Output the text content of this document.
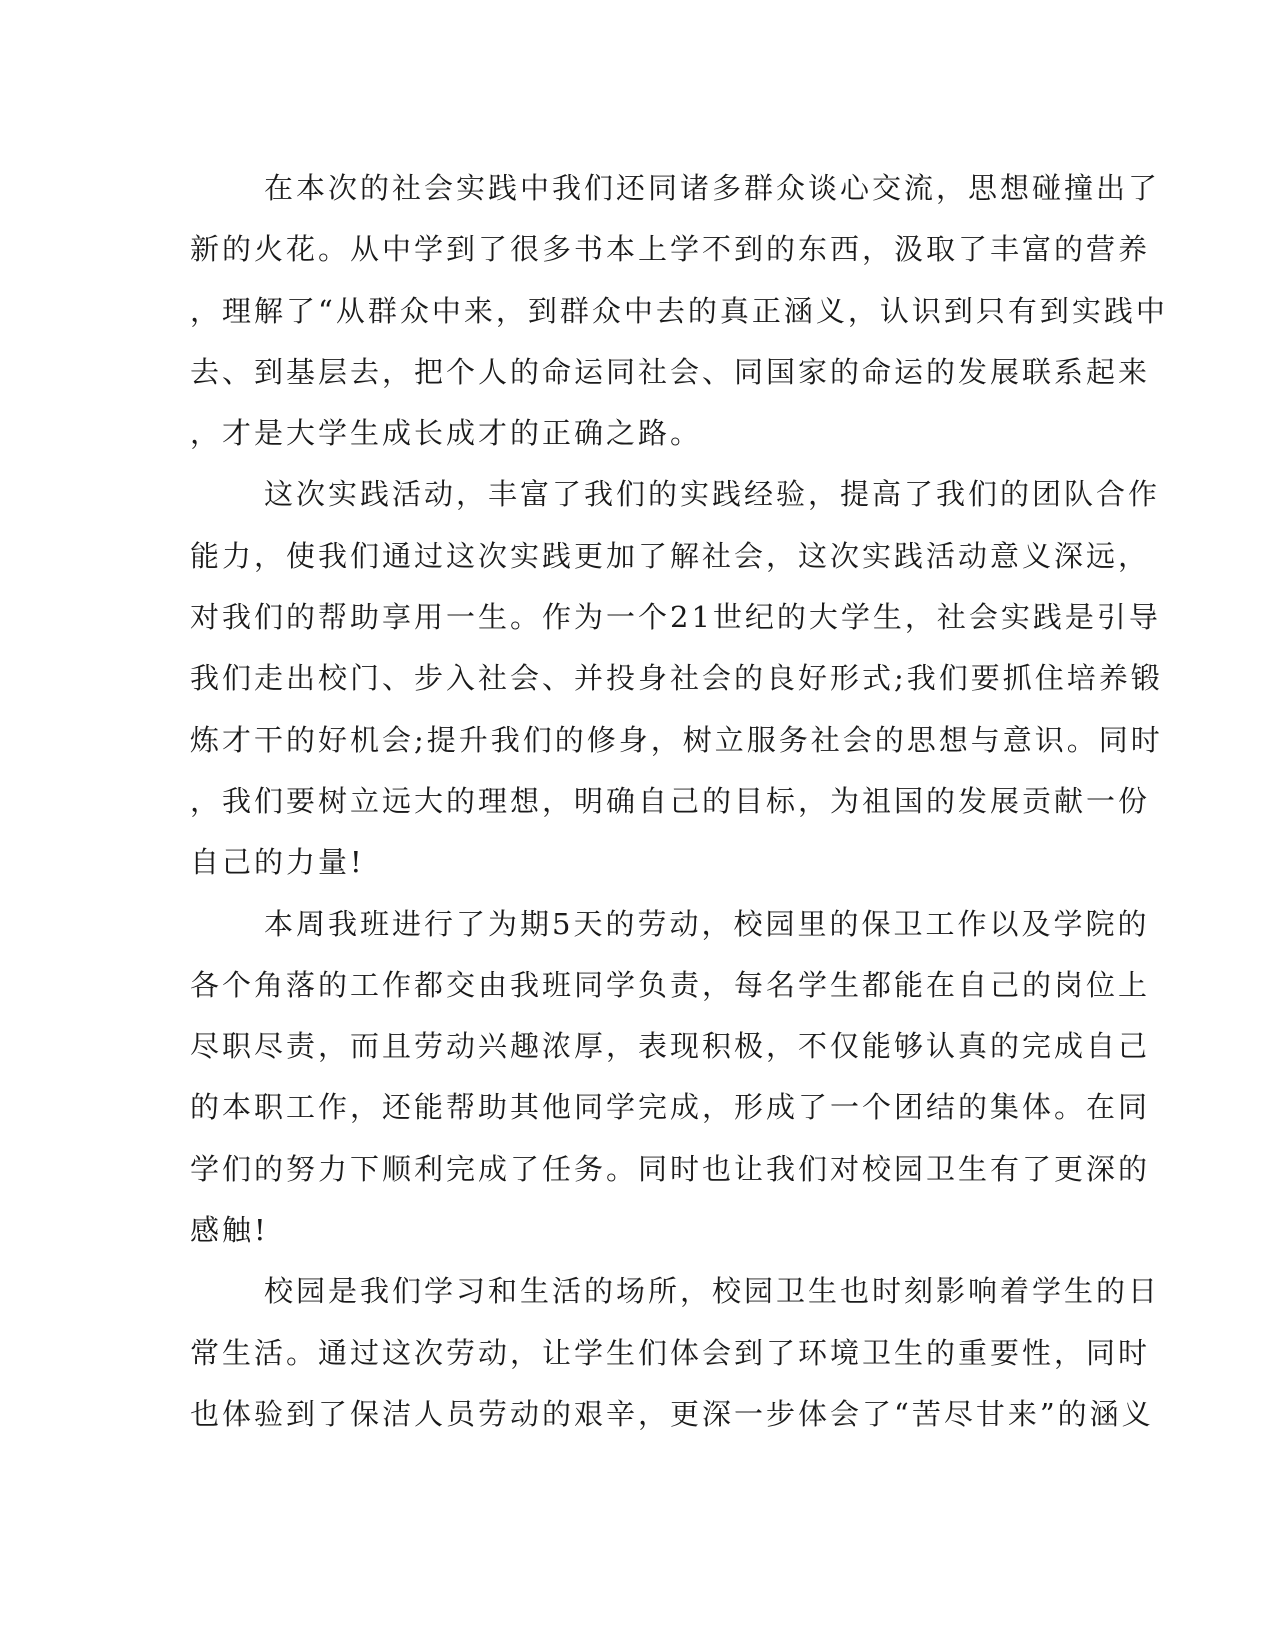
在本次的社会实践中我们还同诸多群众谈心交流，思想碰撞出了
新的火花。从中学到了很多书本上学不到的东西，汲取了丰富的营养
，理解了“从群众中来，到群众中去的真正涵义，认识到只有到实践中
去、到基层去，把个人的命运同社会、同国家的命运的发展联系起来
，才是大学生成长成才的正确之路。
这次实践活动，丰富了我们的实践经验，提高了我们的团队合作
能力，使我们通过这次实践更加了解社会，这次实践活动意义深远，
对我们的帮助享用一生。作为一个21世纪的大学生，社会实践是引导
我们走出校门、步入社会、并投身社会的良好形式;我们要抓住培养锻
炼才干的好机会;提升我们的修身，树立服务社会的思想与意识。同时
，我们要树立远大的理想，明确自己的目标，为祖国的发展贡献一份
自己的力量!
本周我班进行了为期5天的劳动，校园里的保卫工作以及学院的
各个角落的工作都交由我班同学负责，每名学生都能在自己的岗位上
尽职尽责，而且劳动兴趣浓厚，表现积极，不仅能够认真的完成自己
的本职工作，还能帮助其他同学完成，形成了一个团结的集体。在同
学们的努力下顺利完成了任务。同时也让我们对校园卫生有了更深的
感触!
校园是我们学习和生活的场所，校园卫生也时刻影响着学生的日
常生活。通过这次劳动，让学生们体会到了环境卫生的重要性，同时
也体验到了保洁人员劳动的艰辛，更深一步体会了“苦尽甘来”的涵义
